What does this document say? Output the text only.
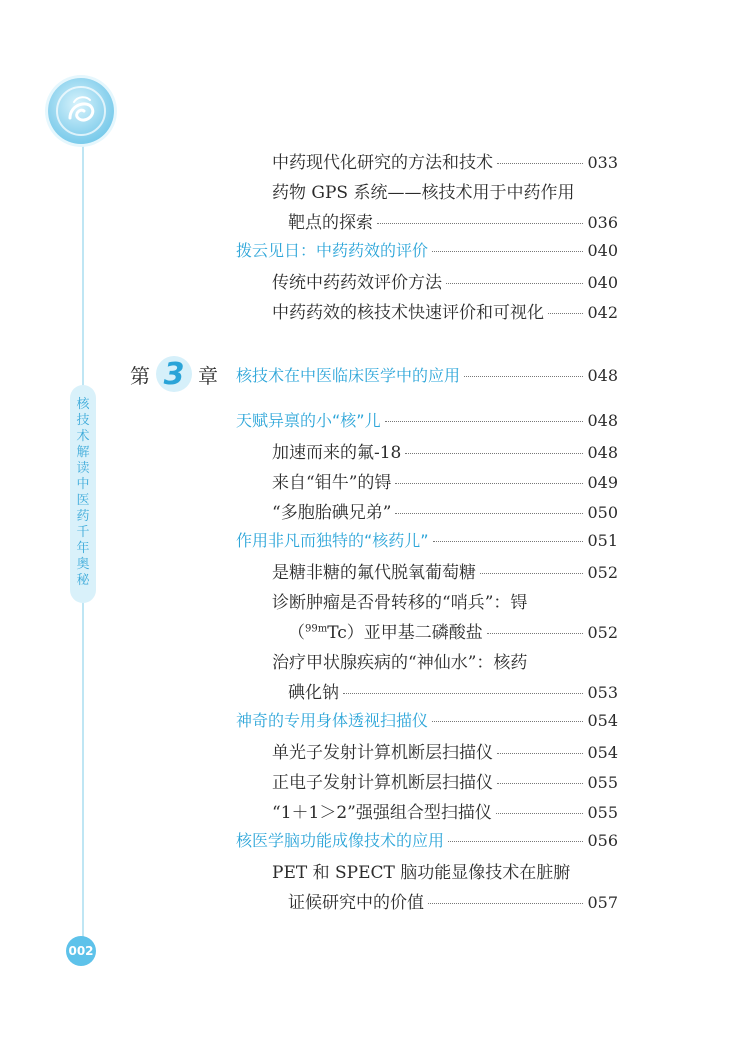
核
技
术
解
读
中
医
药
千
年
奥
秘
002
中药现代化研究的方法和技术	033
药物 GPS 系统——核技术用于中药作用
靶点的探索	036
拨云见日：中药药效的评价	040
传统中药药效评价方法	040
中药药效的核技术快速评价和可视化	042
第 3 章 核技术在中医临床医学中的应用	048
天赋异禀的小“核”儿	048
加速而来的氟-18	048
来自“钼牛”的锝	049
“多胞胎碘兄弟”	050
作用非凡而独特的“核药儿”	051
是糖非糖的氟代脱氧葡萄糖	052
诊断肿瘤是否骨转移的“哨兵”：锝
（$^{99m}$Tc）亚甲基二磷酸盐	052
治疗甲状腺疾病的“神仙水”：核药
碘化钠	053
神奇的专用身体透视扫描仪	054
单光子发射计算机断层扫描仪	054
正电子发射计算机断层扫描仪	055
“1＋1＞2”强强组合型扫描仪	055
核医学脑功能成像技术的应用	056
PET 和 SPECT 脑功能显像技术在脏腑
证候研究中的价值	057
